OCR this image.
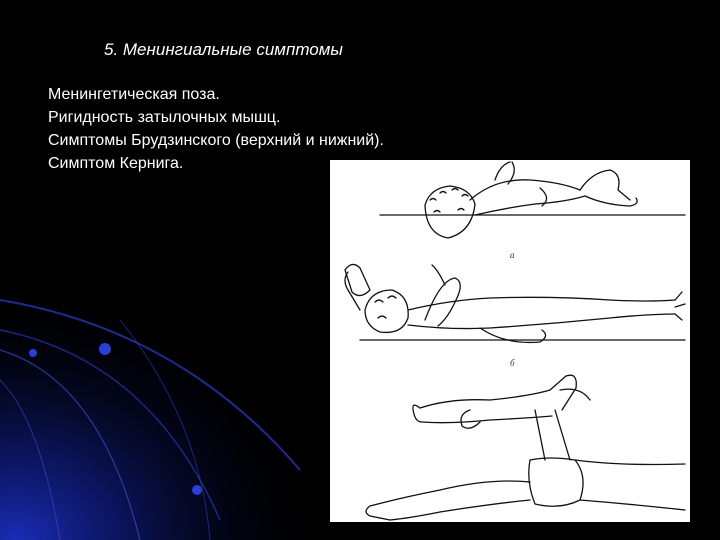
5. Менингиальные симптомы
Менингетическая поза.
Ригидность затылочных мышц.
Симптомы Брудзинского (верхний и нижний).
Симптом Кернига.
а
б
